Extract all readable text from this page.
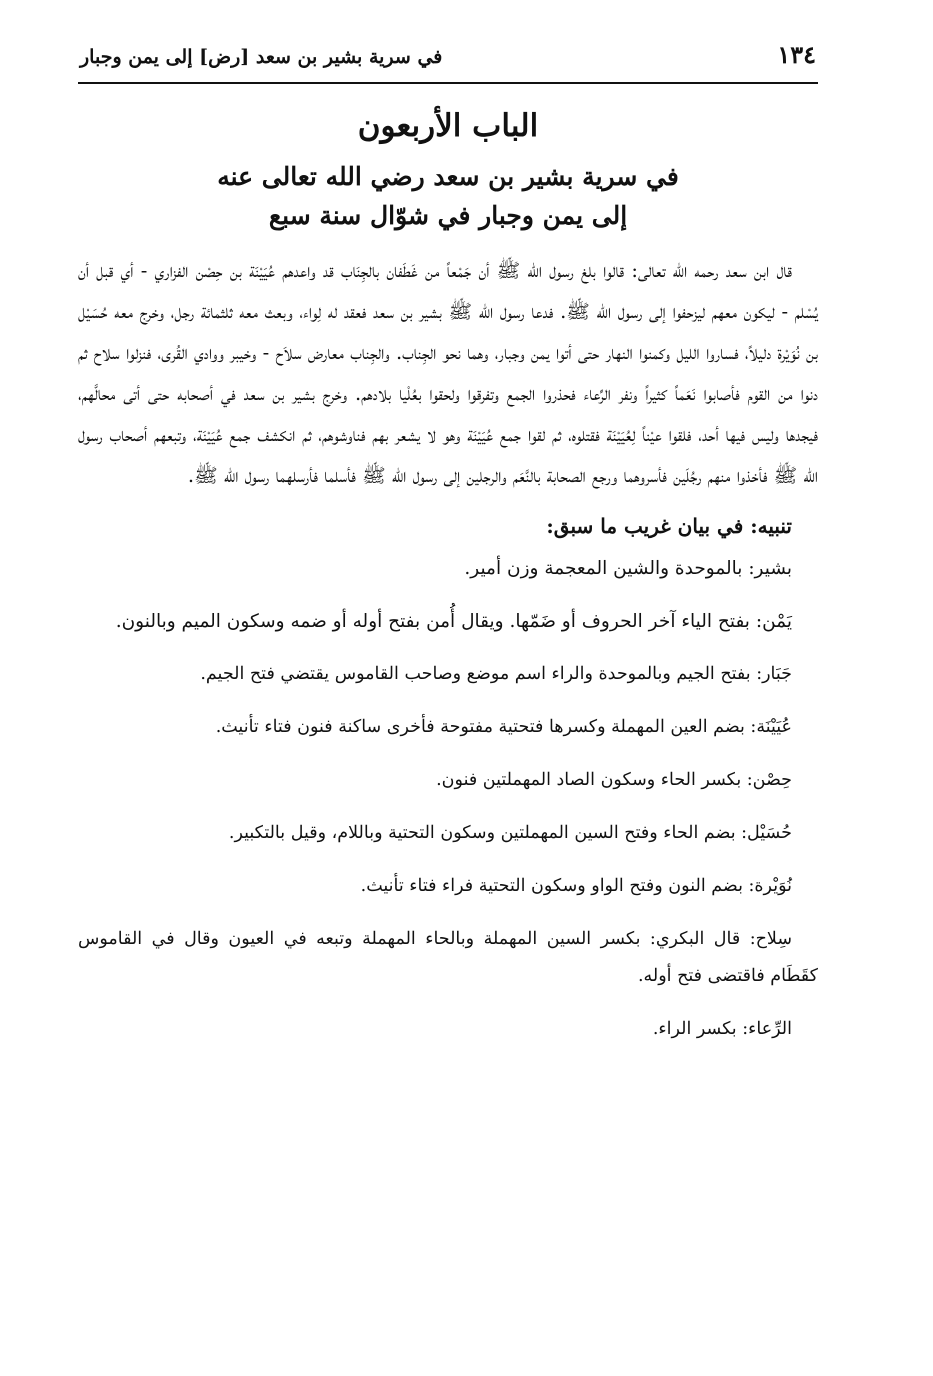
١٣٤
في سرية بشير بن سعد [رض] إلى يمن وجبار
الباب الأربعون
في سرية بشير بن سعد رضي الله تعالى عنه
إلى يمن وجبار في شوّال سنة سبع

قال ابن سعد رحمه الله تعالى: قالوا بلغ رسول الله ﷺ أن جَمْعاً من غَطَفان بالجِنَاب قد واعدهم عُيَيْنَة بن حِصْن الفزاري - أي قبل أن يُسْلم - ليكون معهم ليزحفوا إلى رسول الله ﷺ. فدعا رسول الله ﷺ بشير بن سعد فعقد له لِواء، وبعث معه ثلثمائة رجل، وخرج معه حُسَيْل بن نُوَيْرة دليلاً، فساروا الليل وكمنوا النهار حتى أتوا يمن وجبار، وهما نحو الجِناب. والجِناب معارض سلاَح - وخيبر ووادي القُرى، فنزلوا سلاح ثم دنوا من القوم فأصابوا نَعَماً كثيراً ونفر الرِّعاء فحذروا الجمع وتفرقوا ولحقوا بعُلْيا بلادهم. وخرج بشير بن سعد في أصحابه حتى أتى محالَّهم، فيجدها وليس فيها أحد، فلقوا عيْناً لِعُيَيْنَة فقتلوه، ثم لقوا جمع عُيَيْنَة وهو لا يشعر بهم فناوشوهم، ثم انكشف جمع عُيَيْنَة، وتبعهم أصحاب رسول الله ﷺ فأخذوا منهم رجُلَين فأسروهما ورجع الصحابة بالنَّعَم والرجلين إلى رسول الله ﷺ فأسلما فأرسلهما رسول الله ﷺ.

تنبيه: في بيان غريب ما سبق:

بشير: بالموحدة والشين المعجمة وزن أمير.

يَمْن: بفتح الياء آخر الحروف أو ضَمّها. ويقال أُمن بفتح أوله أو ضمه وسكون الميم وبالنون.

جَبَار: بفتح الجيم وبالموحدة والراء اسم موضع وصاحب القاموس يقتضي فتح الجيم.

عُيَيْنَة: بضم العين المهملة وكسرها فتحتية مفتوحة فأخرى ساكنة فنون فتاء تأنيث.

حِصْن: بكسر الحاء وسكون الصاد المهملتين فنون.

حُسَيْل: بضم الحاء وفتح السين المهملتين وسكون التحتية وباللام، وقيل بالتكبير.

نُوَيْرة: بضم النون وفتح الواو وسكون التحتية فراء فتاء تأنيث.

سِلاح: قال البكري: بكسر السين المهملة وبالحاء المهملة وتبعه في العيون وقال في القاموس كقَطَام فاقتضى فتح أوله.

الرِّعاء: بكسر الراء.
